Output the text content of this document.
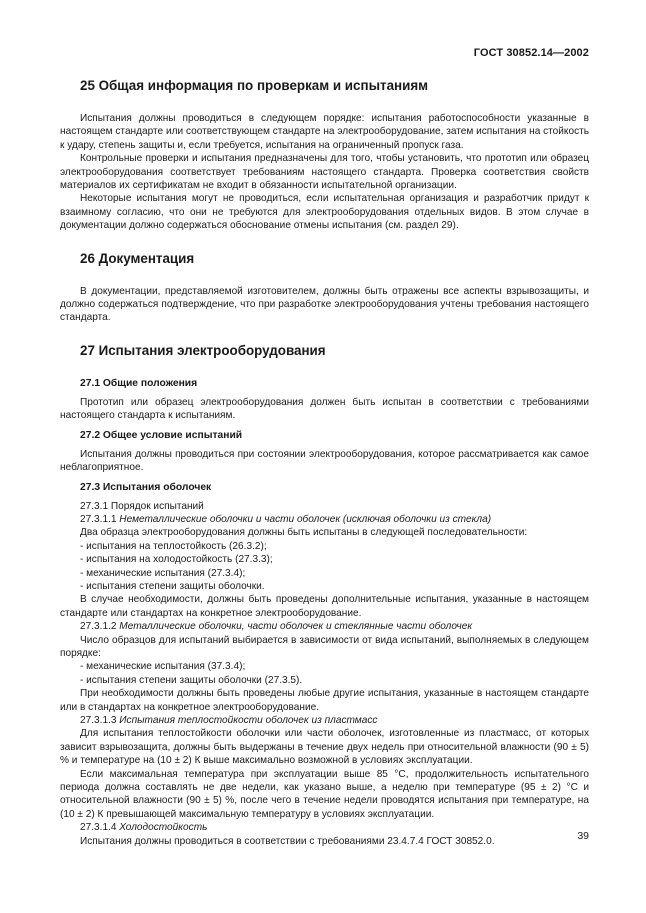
ГОСТ 30852.14—2002
25 Общая информация по проверкам и испытаниям

Испытания должны проводиться в следующем порядке: испытания работоспособности указанные в настоящем стандарте или соответствующем стандарте на электрооборудование, затем испытания на стойкость к удару, степень защиты и, если требуется, испытания на ограниченный пропуск газа.

Контрольные проверки и испытания предназначены для того, чтобы установить, что прототип или образец электрооборудования соответствует требованиям настоящего стандарта. Проверка соответствия свойств материалов их сертификатам не входит в обязанности испытательной организации.

Некоторые испытания могут не проводиться, если испытательная организация и разработчик придут к взаимному согласию, что они не требуются для электрооборудования отдельных видов. В этом случае в документации должно содержаться обоснование отмены испытания (см. раздел 29).

26 Документация

В документации, представляемой изготовителем, должны быть отражены все аспекты взрывозащиты, и должно содержаться подтверждение, что при разработке электрооборудования учтены требования настоящего стандарта.

27 Испытания электрооборудования
27.1 Общие положения

Прототип или образец электрооборудования должен быть испытан в соответствии с требованиями настоящего стандарта к испытаниям.

27.2 Общее условие испытаний

Испытания должны проводиться при состоянии электрооборудования, которое рассматривается как самое неблагоприятное.

27.3 Испытания оболочек

27.3.1 Порядок испытаний

27.3.1.1 Неметаллические оболочки и части оболочек (исключая оболочки из стекла)

Два образца электрооборудования должны быть испытаны в следующей последовательности:

- испытания на теплостойкость (26.3.2);

- испытания на холодостойкость (27.3.3);

- механические испытания (27.3.4);

- испытания степени защиты оболочки.

В случае необходимости, должны быть проведены дополнительные испытания, указанные в настоящем стандарте или стандартах на конкретное электрооборудование.

27.3.1.2 Металлические оболочки, части оболочек и стеклянные части оболочек

Число образцов для испытаний выбирается в зависимости от вида испытаний, выполняемых в следующем порядке:

- механические испытания (37.3.4);

- испытания степени защиты оболочки (27.3.5).

При необходимости должны быть проведены любые другие испытания, указанные в настоящем стандарте или в стандартах на конкретное электрооборудование.

27.3.1.3 Испытания теплостойкости оболочек из пластмасс

Для испытания теплостойкости оболочки или части оболочек, изготовленные из пластмасс, от которых зависит взрывозащита, должны быть выдержаны в течение двух недель при относительной влажности (90 ± 5) % и температуре на (10 ± 2) К выше максимально возможной в условиях эксплуатации.

Если максимальная температура при эксплуатации выше 85 °С, продолжительность испытательного периода должна составлять не две недели, как указано выше, а неделю при температуре (95 ± 2) °С и относительной влажности (90 ± 5) %, после чего в течение недели проводятся испытания при температуре, на (10 ± 2) К превышающей максимальную температуру в условиях эксплуатации.

27.3.1.4 Холодостойкость

Испытания должны проводиться в соответствии с требованиями 23.4.7.4 ГОСТ 30852.0.	39
